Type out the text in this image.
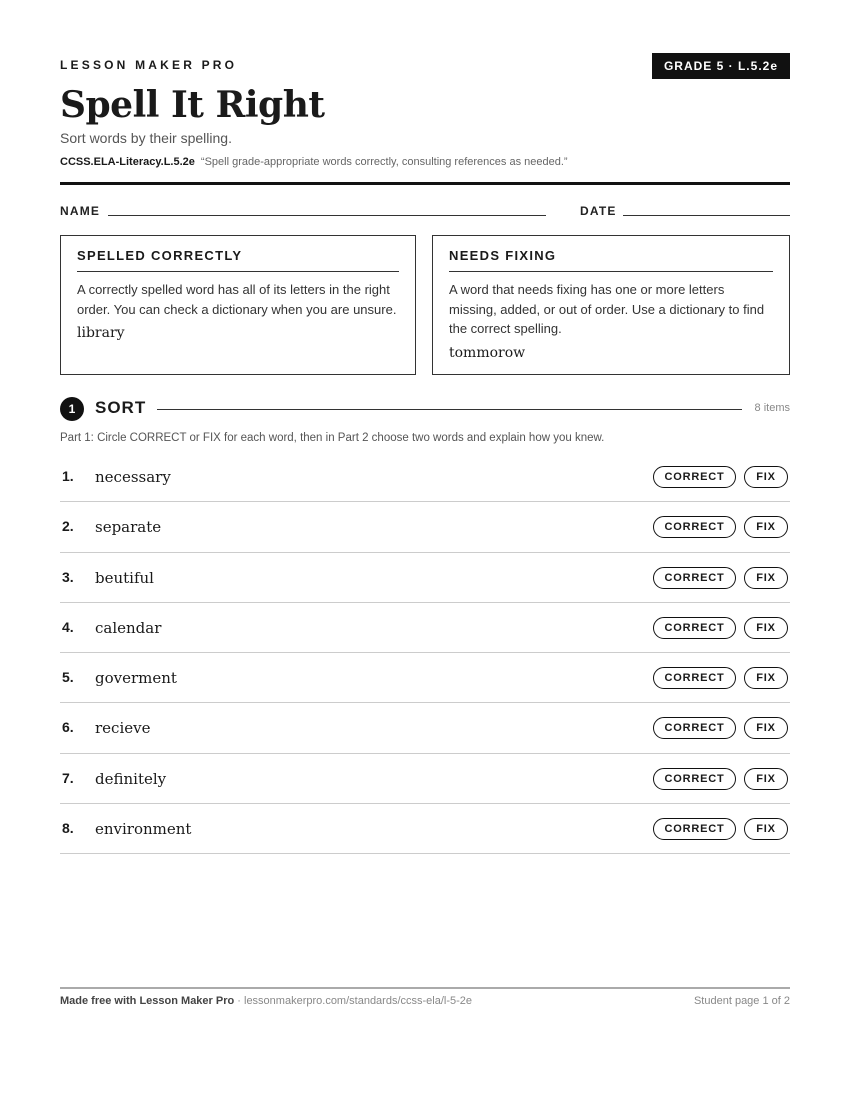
LESSON MAKER PRO	GRADE 5 · L.5.2e
Spell It Right
Sort words by their spelling.
CCSS.ELA-Literacy.L.5.2e “Spell grade-appropriate words correctly, consulting references as needed.”
NAME	DATE
SPELLED CORRECTLY
A correctly spelled word has all of its letters in the right order. You can check a dictionary when you are unsure.
library
NEEDS FIXING
A word that needs fixing has one or more letters missing, added, or out of order. Use a dictionary to find the correct spelling.
tommorow
1	SORT	8 items
Part 1: Circle CORRECT or FIX for each word, then in Part 2 choose two words and explain how you knew.
1. necessary	CORRECT	FIX
2. separate	CORRECT	FIX
3. beutiful	CORRECT	FIX
4. calendar	CORRECT	FIX
5. goverment	CORRECT	FIX
6. recieve	CORRECT	FIX
7. definitely	CORRECT	FIX
8. environment	CORRECT	FIX
Made free with Lesson Maker Pro · lessonmakerpro.com/standards/ccss-ela/l-5-2e	Student page 1 of 2
